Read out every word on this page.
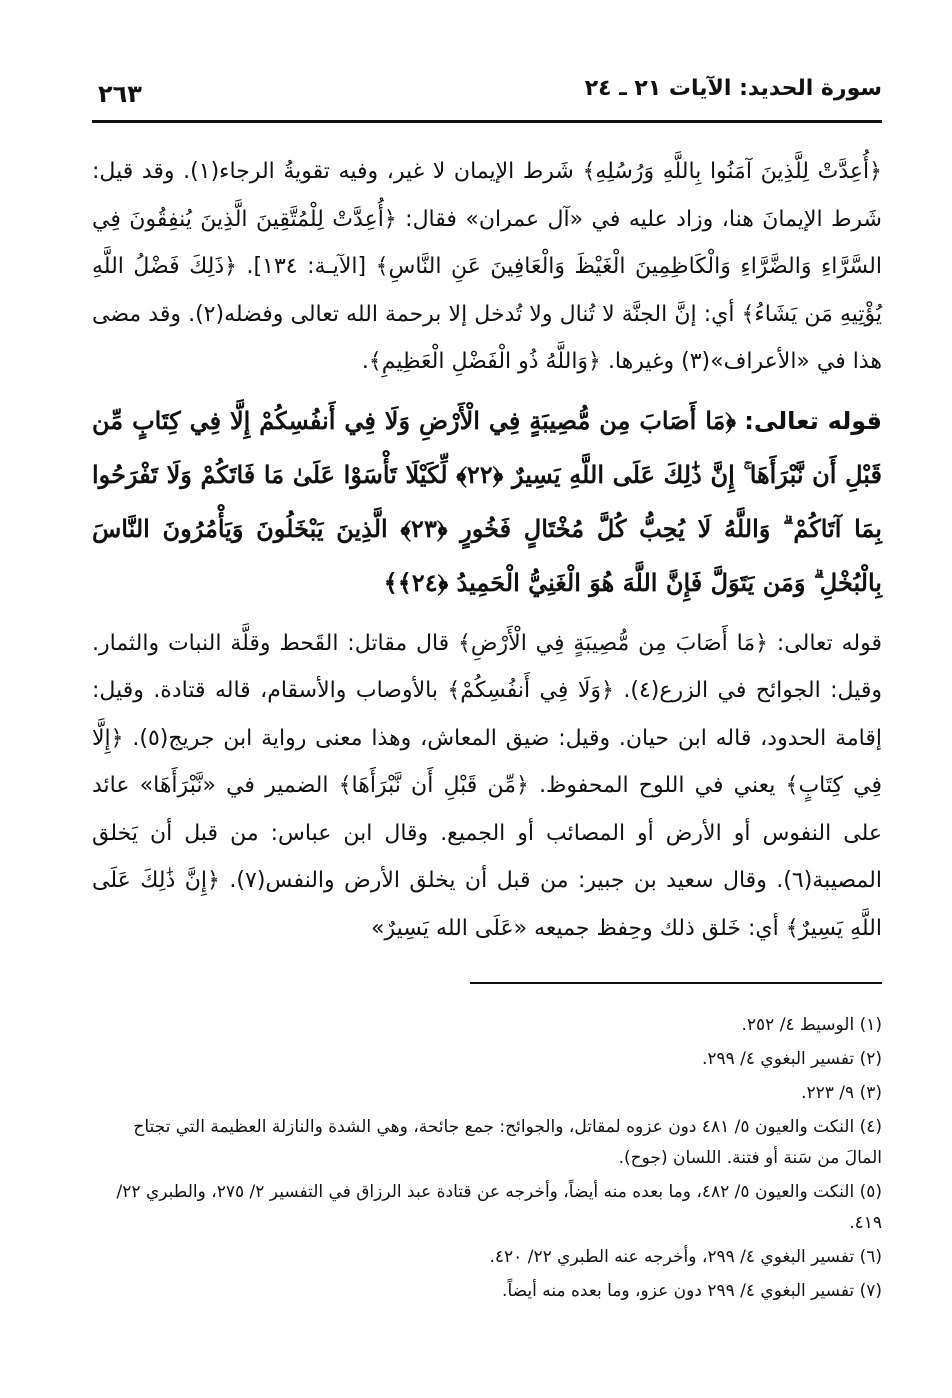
سورة الحديد: الآيات ٢١ ـ ٢٤
٢٦٣

﴿أُعِدَّتْ لِلَّذِينَ آمَنُوا بِاللَّهِ وَرُسُلِهِ﴾ شَرط الإيمان لا غير، وفيه تقويةُ الرجاء(١). وقد قيل: شَرط الإيمانَ هنا، وزاد عليه في «آل عمران» فقال: ﴿أُعِدَّتْ لِلْمُتَّقِينَ الَّذِينَ يُنفِقُونَ فِي السَّرَّاءِ وَالضَّرَّاءِ وَالْكَاظِمِينَ الْغَيْظَ وَالْعَافِينَ عَنِ النَّاسِ﴾ [الآيـة: ١٣٤]. ﴿ذَلِكَ فَضْلُ اللَّهِ يُؤْتِيهِ مَن يَشَاءُ﴾ أي: إنَّ الجنَّة لا تُنال ولا تُدخل إلا برحمة الله تعالى وفضله(٢). وقد مضى هذا في «الأعراف»(٣) وغيرها. ﴿وَاللَّهُ ذُو الْفَضْلِ الْعَظِيمِ﴾.

قوله تعالى: ﴿مَا أَصَابَ مِن مُّصِيبَةٍ فِي الْأَرْضِ وَلَا فِي أَنفُسِكُمْ إِلَّا فِي كِتَابٍ مِّن قَبْلِ أَن نَّبْرَأَهَا ۚ إِنَّ ذَٰلِكَ عَلَى اللَّهِ يَسِيرٌ ﴿٢٢﴾ لِّكَيْلَا تَأْسَوْا عَلَىٰ مَا فَاتَكُمْ وَلَا تَفْرَحُوا بِمَا آتَاكُمْ ۗ وَاللَّهُ لَا يُحِبُّ كُلَّ مُخْتَالٍ فَخُورٍ ﴿٢٣﴾ الَّذِينَ يَبْخَلُونَ وَيَأْمُرُونَ النَّاسَ بِالْبُخْلِ ۗ وَمَن يَتَوَلَّ فَإِنَّ اللَّهَ هُوَ الْغَنِيُّ الْحَمِيدُ ﴿٢٤﴾﴾

قوله تعالى: ﴿مَا أَصَابَ مِن مُّصِيبَةٍ فِي الْأَرْضِ﴾ قال مقاتل: القَحط وقلَّة النبات والثمار. وقيل: الجوائح في الزرع(٤). ﴿وَلَا فِي أَنفُسِكُمْ﴾ بالأوصاب والأسقام، قاله قتادة. وقيل: إقامة الحدود، قاله ابن حيان. وقيل: ضيق المعاش، وهذا معنى رواية ابن جريج(٥). ﴿إِلَّا فِي كِتَابٍ﴾ يعني في اللوح المحفوظ. ﴿مِّن قَبْلِ أَن نَّبْرَأَهَا﴾ الضمير في «نَّبْرَأَهَا» عائد على النفوس أو الأرض أو المصائب أو الجميع. وقال ابن عباس: من قبل أن يَخلق المصيبة(٦). وقال سعيد بن جبير: من قبل أن يخلق الأرض والنفس(٧). ﴿إِنَّ ذَٰلِكَ عَلَى اللَّهِ يَسِيرٌ﴾ أي: خَلق ذلك وحِفظ جميعه «عَلَى الله يَسِيرٌ»

(١) الوسيط ٤/ ٢٥٢.
(٢) تفسير البغوي ٤/ ٢٩٩.
(٣) ٩/ ٢٢٣.
(٤) النكت والعيون ٥/ ٤٨١ دون عزوه لمقاتل، والجوائح: جمع جائحة، وهي الشدة والنازلة العظيمة التي تجتاح المالَ من سَنة أو فتنة. اللسان (جوح).
(٥) النكت والعيون ٥/ ٤٨٢، وما بعده منه أيضاً، وأخرجه عن قتادة عبد الرزاق في التفسير ٢/ ٢٧٥، والطبري ٢٢/ ٤١٩.
(٦) تفسير البغوي ٤/ ٢٩٩، وأخرجه عنه الطبري ٢٢/ ٤٢٠.
(٧) تفسير البغوي ٤/ ٢٩٩ دون عزو، وما بعده منه أيضاً.
